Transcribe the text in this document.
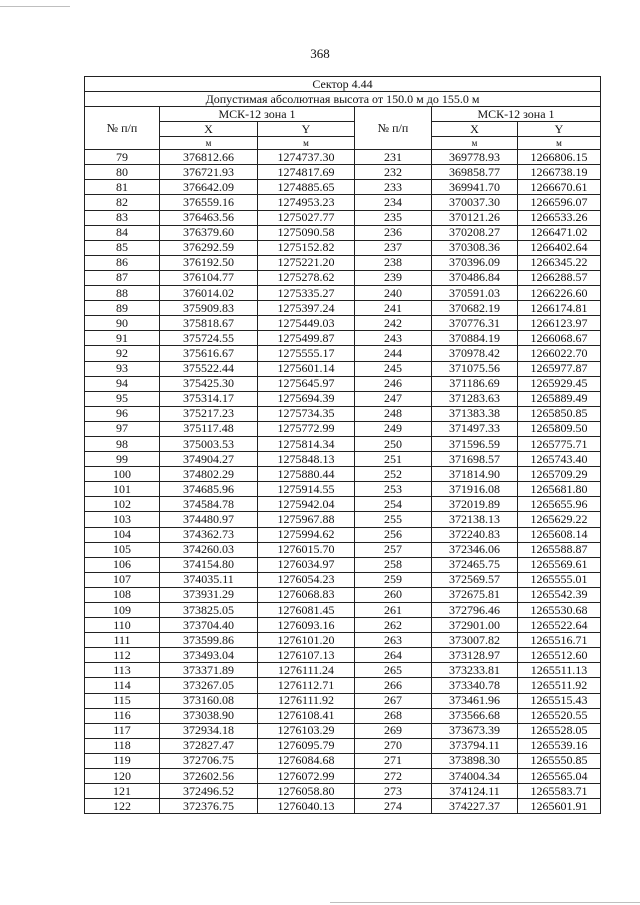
368
Сектор 4.44					
Допустимая абсолютная высота от 150.0 м до 155.0 м					
№ п/п	МСК-12 зона 1		№ п/п	МСК-12 зона 1	
	X	Y		X	Y
	м	м		м	м
79	376812.66	1274737.30	231	369778.93	1266806.15
80	376721.93	1274817.69	232	369858.77	1266738.19
81	376642.09	1274885.65	233	369941.70	1266670.61
82	376559.16	1274953.23	234	370037.30	1266596.07
83	376463.56	1275027.77	235	370121.26	1266533.26
84	376379.60	1275090.58	236	370208.27	1266471.02
85	376292.59	1275152.82	237	370308.36	1266402.64
86	376192.50	1275221.20	238	370396.09	1266345.22
87	376104.77	1275278.62	239	370486.84	1266288.57
88	376014.02	1275335.27	240	370591.03	1266226.60
89	375909.83	1275397.24	241	370682.19	1266174.81
90	375818.67	1275449.03	242	370776.31	1266123.97
91	375724.55	1275499.87	243	370884.19	1266068.67
92	375616.67	1275555.17	244	370978.42	1266022.70
93	375522.44	1275601.14	245	371075.56	1265977.87
94	375425.30	1275645.97	246	371186.69	1265929.45
95	375314.17	1275694.39	247	371283.63	1265889.49
96	375217.23	1275734.35	248	371383.38	1265850.85
97	375117.48	1275772.99	249	371497.33	1265809.50
98	375003.53	1275814.34	250	371596.59	1265775.71
99	374904.27	1275848.13	251	371698.57	1265743.40
100	374802.29	1275880.44	252	371814.90	1265709.29
101	374685.96	1275914.55	253	371916.08	1265681.80
102	374584.78	1275942.04	254	372019.89	1265655.96
103	374480.97	1275967.88	255	372138.13	1265629.22
104	374362.73	1275994.62	256	372240.83	1265608.14
105	374260.03	1276015.70	257	372346.06	1265588.87
106	374154.80	1276034.97	258	372465.75	1265569.61
107	374035.11	1276054.23	259	372569.57	1265555.01
108	373931.29	1276068.83	260	372675.81	1265542.39
109	373825.05	1276081.45	261	372796.46	1265530.68
110	373704.40	1276093.16	262	372901.00	1265522.64
111	373599.86	1276101.20	263	373007.82	1265516.71
112	373493.04	1276107.13	264	373128.97	1265512.60
113	373371.89	1276111.24	265	373233.81	1265511.13
114	373267.05	1276112.71	266	373340.78	1265511.92
115	373160.08	1276111.92	267	373461.96	1265515.43
116	373038.90	1276108.41	268	373566.68	1265520.55
117	372934.18	1276103.29	269	373673.39	1265528.05
118	372827.47	1276095.79	270	373794.11	1265539.16
119	372706.75	1276084.68	271	373898.30	1265550.85
120	372602.56	1276072.99	272	374004.34	1265565.04
121	372496.52	1276058.80	273	374124.11	1265583.71
122	372376.75	1276040.13	274	374227.37	1265601.91
